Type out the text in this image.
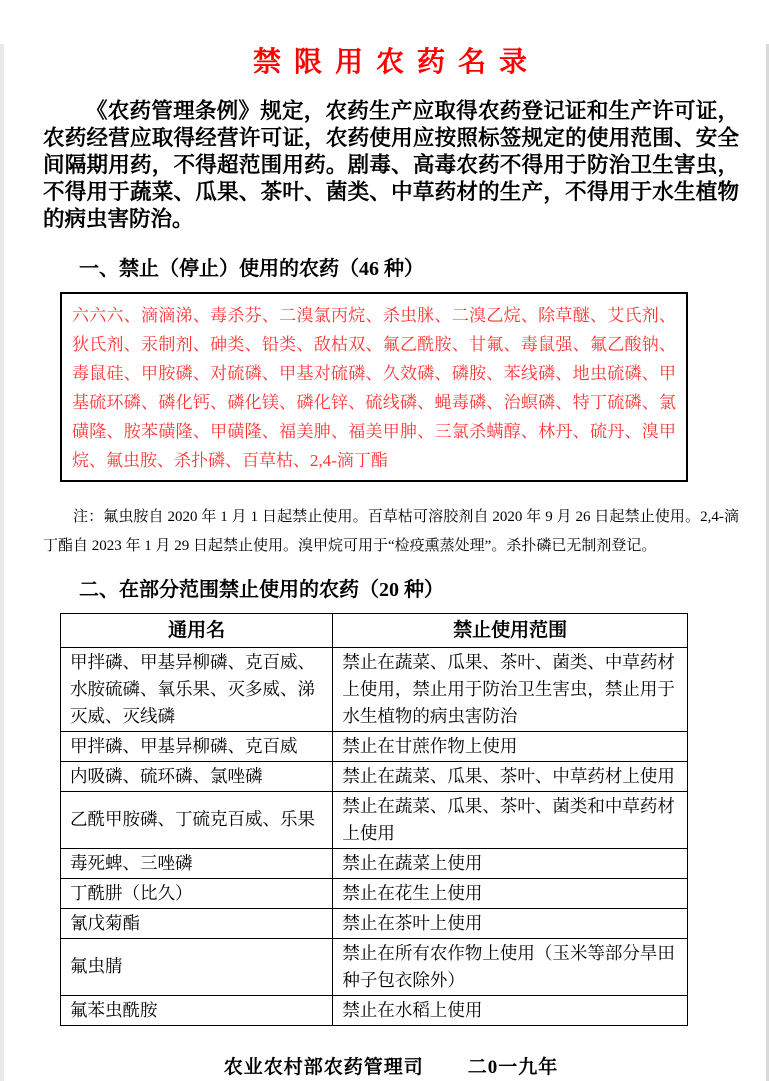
禁 限 用 农 药 名 录

《农药管理条例》规定，农药生产应取得农药登记证和生产许可证，农药经营应取得经营许可证，农药使用应按照标签规定的使用范围、安全间隔期用药，不得超范围用药。剧毒、高毒农药不得用于防治卫生害虫，不得用于蔬菜、瓜果、茶叶、菌类、中草药材的生产，不得用于水生植物的病虫害防治。

一、禁止（停止）使用的农药（46 种）
六六六、滴滴涕、毒杀芬、二溴氯丙烷、杀虫脒、二溴乙烷、除草醚、艾氏剂、狄氏剂、汞制剂、砷类、铅类、敌枯双、氟乙酰胺、甘氟、毒鼠强、氟乙酸钠、毒鼠硅、甲胺磷、对硫磷、甲基对硫磷、久效磷、磷胺、苯线磷、地虫硫磷、甲基硫环磷、磷化钙、磷化镁、磷化锌、硫线磷、蝇毒磷、治螟磷、特丁硫磷、氯磺隆、胺苯磺隆、甲磺隆、福美胂、福美甲胂、三氯杀螨醇、林丹、硫丹、溴甲烷、氟虫胺、杀扑磷、百草枯、2,4-滴丁酯

注：氟虫胺自 2020 年 1 月 1 日起禁止使用。百草枯可溶胶剂自 2020 年 9 月 26 日起禁止使用。2,4-滴丁酯自 2023 年 1 月 29 日起禁止使用。溴甲烷可用于“检疫熏蒸处理”。杀扑磷已无制剂登记。

二、在部分范围禁止使用的农药（20 种）
通用名	禁止使用范围
甲拌磷、甲基异柳磷、克百威、水胺硫磷、氧乐果、灭多威、涕灭威、灭线磷	禁止在蔬菜、瓜果、茶叶、菌类、中草药材上使用，禁止用于防治卫生害虫，禁止用于水生植物的病虫害防治
甲拌磷、甲基异柳磷、克百威	禁止在甘蔗作物上使用
内吸磷、硫环磷、氯唑磷	禁止在蔬菜、瓜果、茶叶、中草药材上使用
乙酰甲胺磷、丁硫克百威、乐果	禁止在蔬菜、瓜果、茶叶、菌类和中草药材上使用
毒死蜱、三唑磷	禁止在蔬菜上使用
丁酰肼（比久）	禁止在花生上使用
氰戊菊酯	禁止在茶叶上使用
氟虫腈	禁止在所有农作物上使用（玉米等部分旱田种子包衣除外）
氟苯虫酰胺	禁止在水稻上使用
农业农村部农药管理司 二0一九年
